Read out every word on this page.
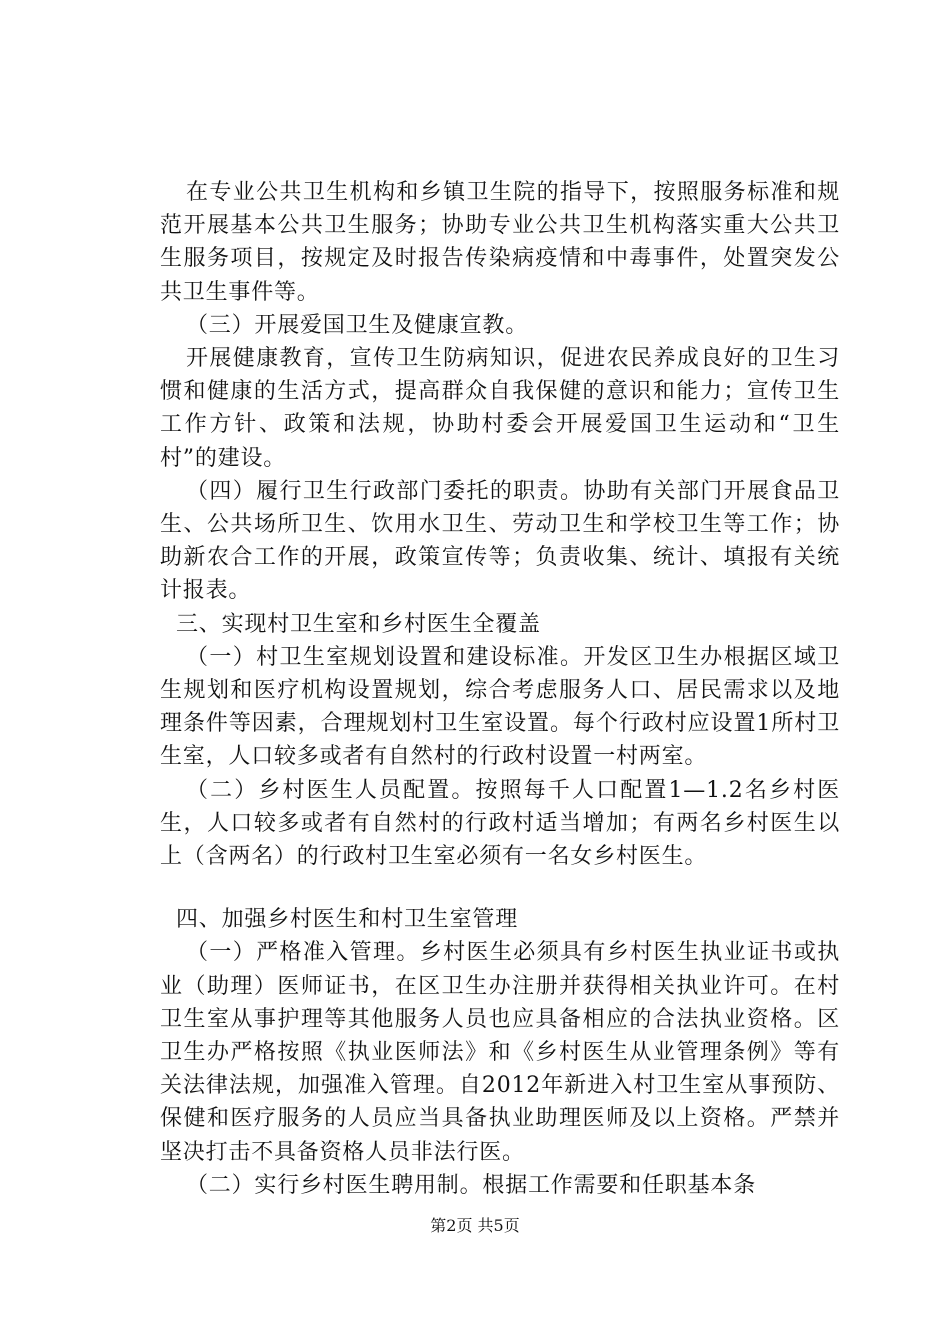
在专业公共卫生机构和乡镇卫生院的指导下，按照服务标准和规范开展基本公共卫生服务；协助专业公共卫生机构落实重大公共卫生服务项目，按规定及时报告传染病疫情和中毒事件，处置突发公共卫生事件等。

（三）开展爱国卫生及健康宣教。

开展健康教育，宣传卫生防病知识，促进农民养成良好的卫生习惯和健康的生活方式，提高群众自我保健的意识和能力；宣传卫生工作方针、政策和法规，协助村委会开展爱国卫生运动和“卫生村”的建设。

（四）履行卫生行政部门委托的职责。协助有关部门开展食品卫生、公共场所卫生、饮用水卫生、劳动卫生和学校卫生等工作；协助新农合工作的开展，政策宣传等；负责收集、统计、填报有关统计报表。

三、实现村卫生室和乡村医生全覆盖

（一）村卫生室规划设置和建设标准。开发区卫生办根据区域卫生规划和医疗机构设置规划，综合考虑服务人口、居民需求以及地理条件等因素，合理规划村卫生室设置。每个行政村应设置1所村卫生室，人口较多或者有自然村的行政村设置一村两室。

（二）乡村医生人员配置。按照每千人口配置1—1.2名乡村医生，人口较多或者有自然村的行政村适当增加；有两名乡村医生以上（含两名）的行政村卫生室必须有一名女乡村医生。

四、加强乡村医生和村卫生室管理

（一）严格准入管理。乡村医生必须具有乡村医生执业证书或执业（助理）医师证书，在区卫生办注册并获得相关执业许可。在村卫生室从事护理等其他服务人员也应具备相应的合法执业资格。区卫生办严格按照《执业医师法》和《乡村医生从业管理条例》等有关法律法规，加强准入管理。自2012年新进入村卫生室从事预防、保健和医疗服务的人员应当具备执业助理医师及以上资格。严禁并坚决打击不具备资格人员非法行医。

（二）实行乡村医生聘用制。根据工作需要和任职基本条

第2页 共5页
